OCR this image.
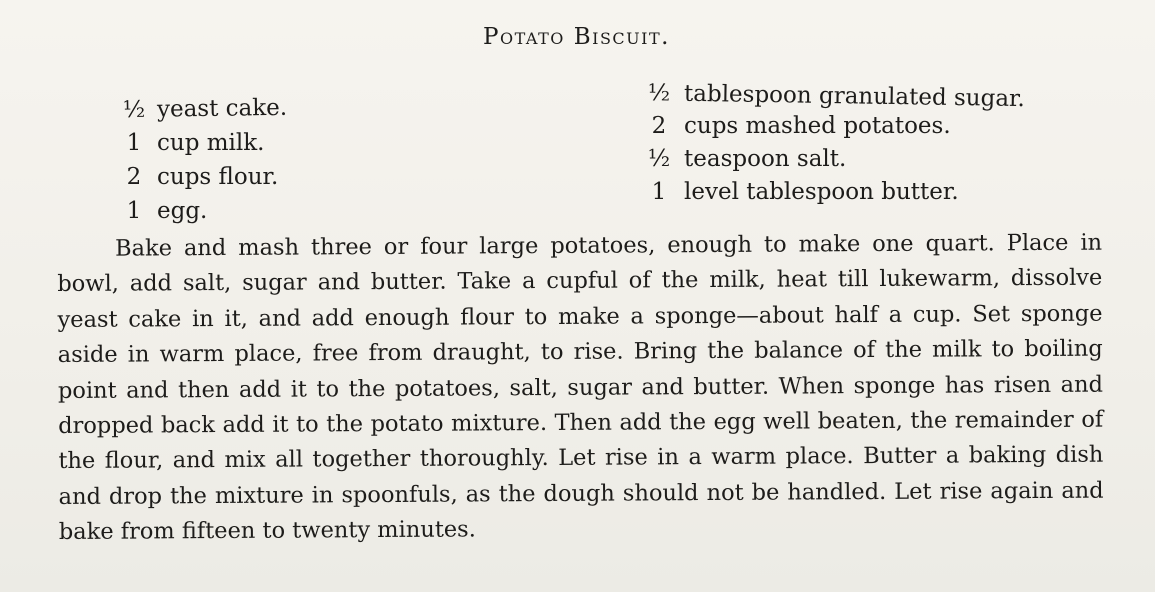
Potato Biscuit.
½ yeast cake.
1 cup milk.
2 cups flour.
1 egg.
½ tablespoon granulated sugar.
2 cups mashed potatoes.
½ teaspoon salt.
1 level tablespoon butter.

Bake and mash three or four large potatoes, enough to make one quart. Place in bowl, add salt, sugar and butter. Take a cupful of the milk, heat till lukewarm, dissolve yeast cake in it, and add enough flour to make a sponge—about half a cup. Set sponge aside in warm place, free from draught, to rise. Bring the balance of the milk to boiling point and then add it to the potatoes, salt, sugar and butter. When sponge has risen and dropped back add it to the potato mixture. Then add the egg well beaten, the remainder of the flour, and mix all together thoroughly. Let rise in a warm place. Butter a baking dish and drop the mixture in spoonfuls, as the dough should not be handled. Let rise again and bake from fifteen to twenty minutes.
